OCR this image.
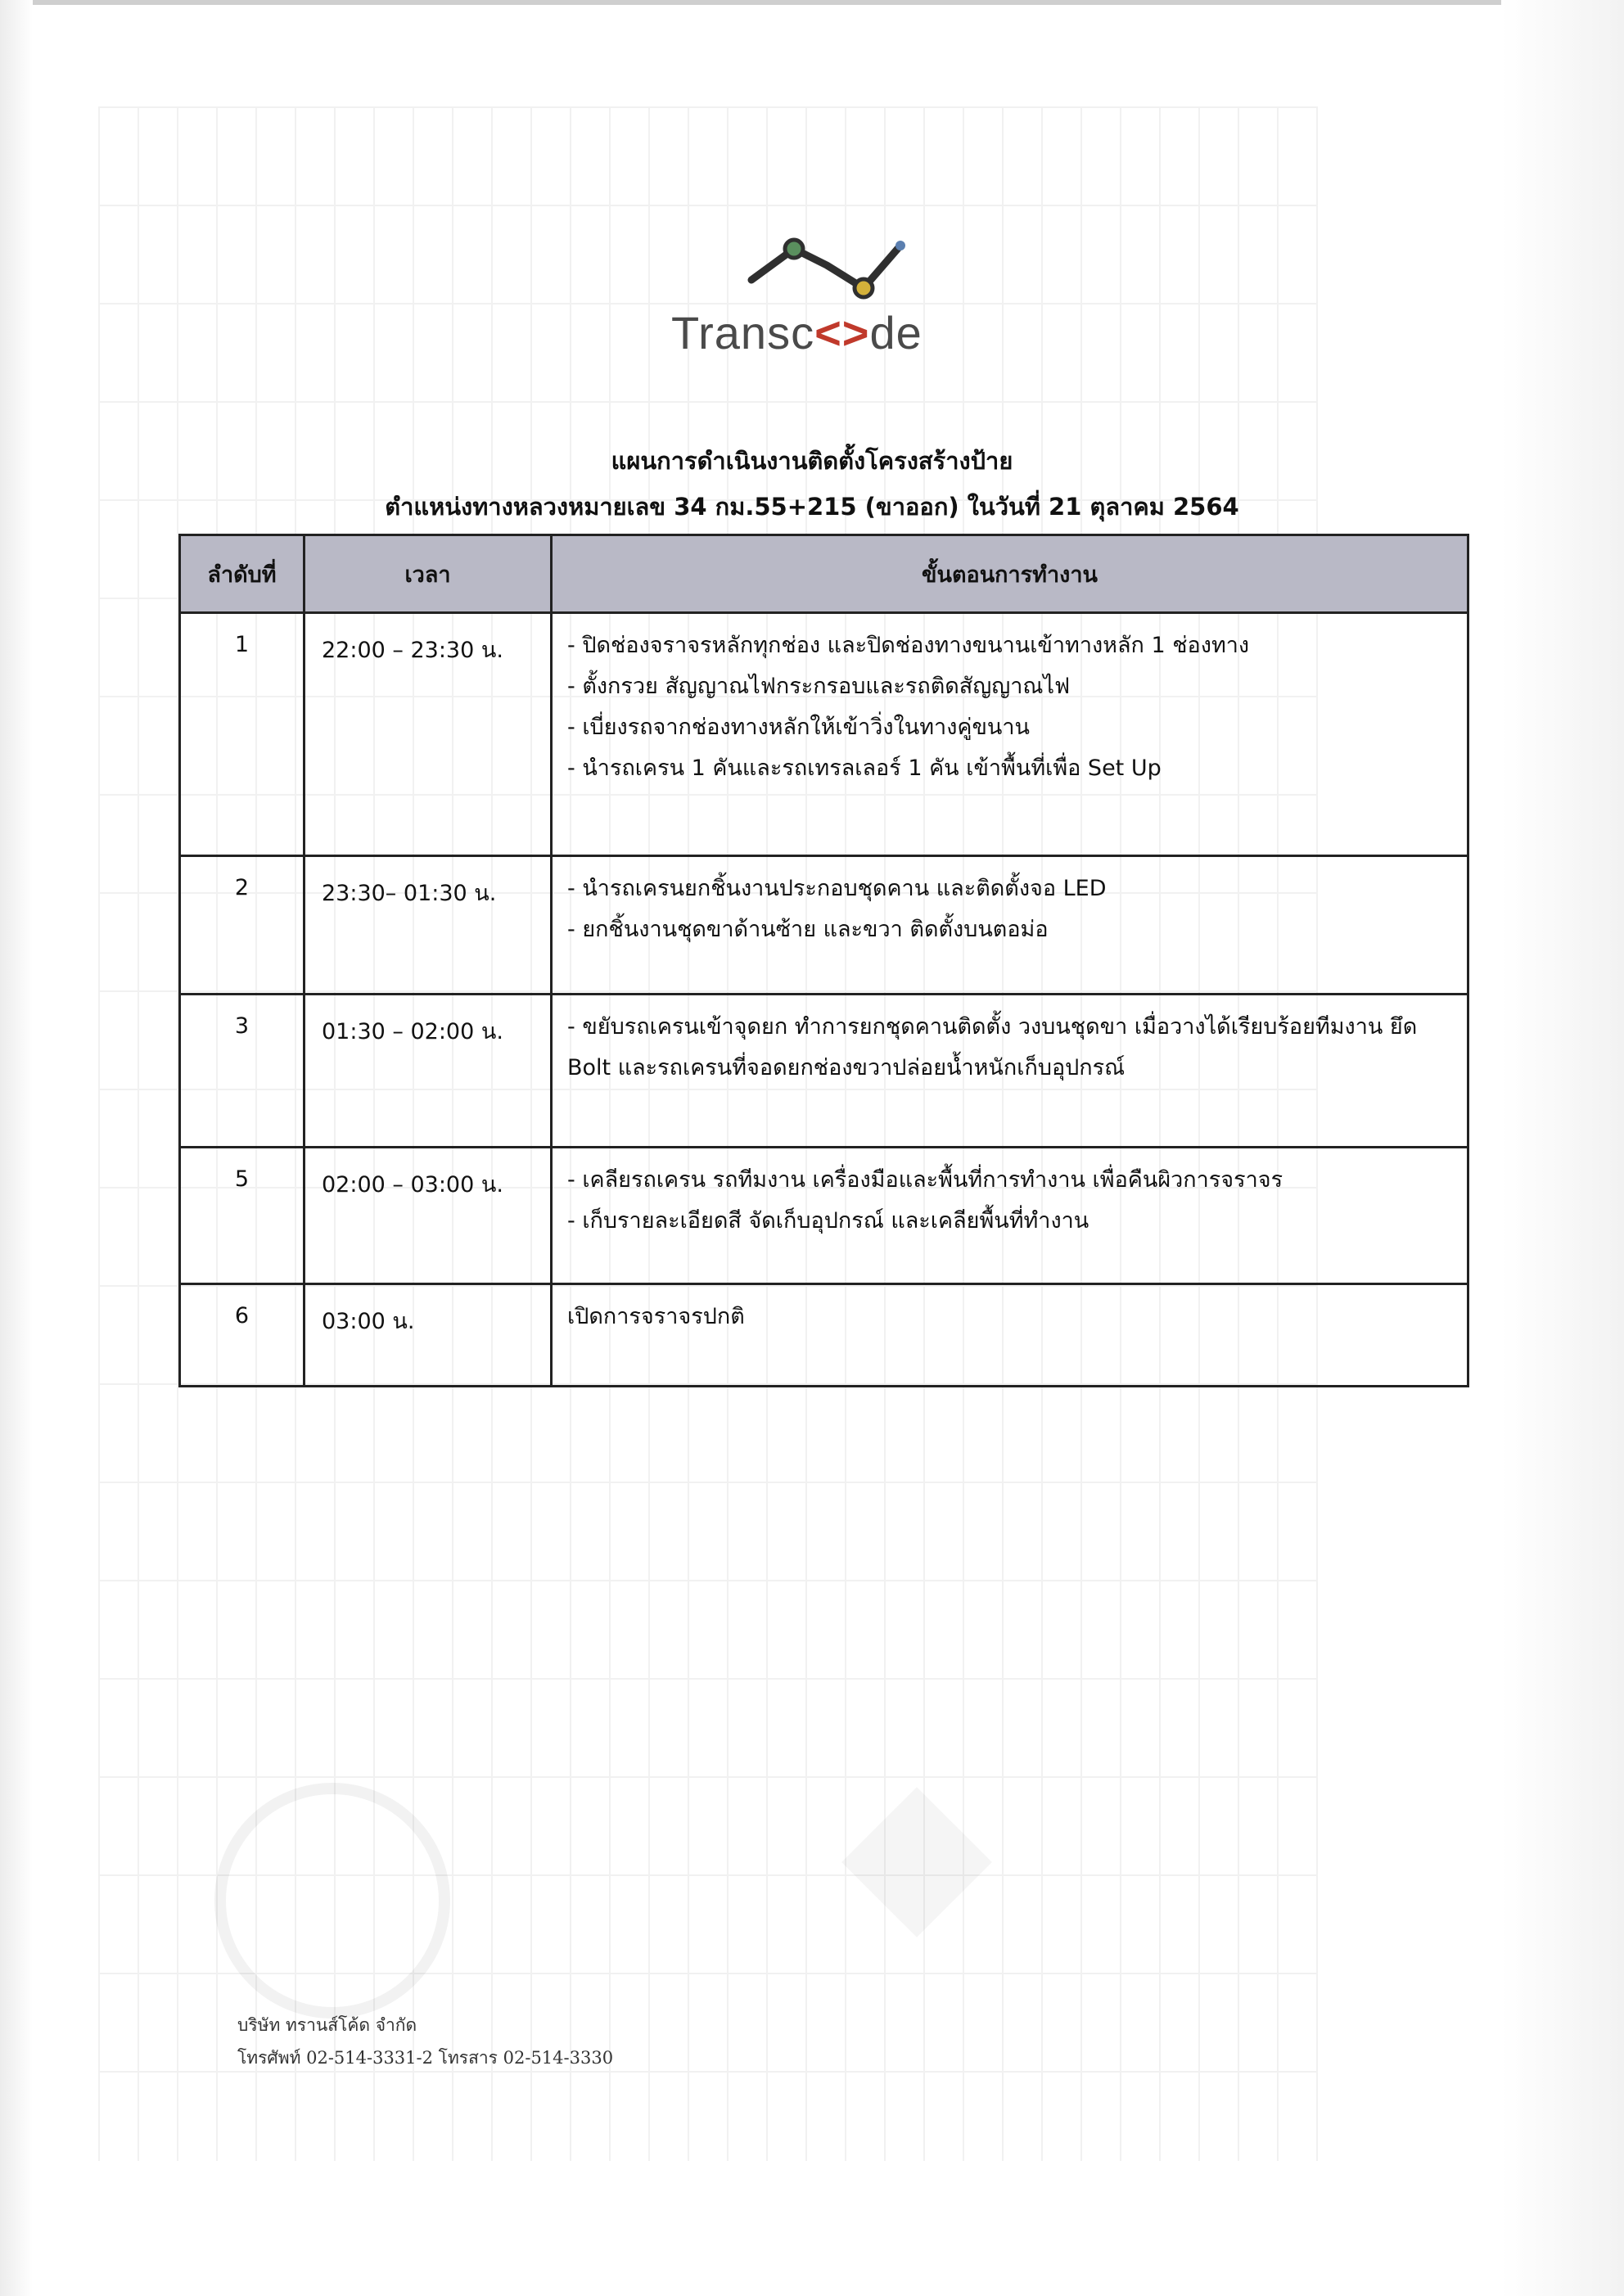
Transc<>de
แผนการดำเนินงานติดตั้งโครงสร้างป้าย
ตำแหน่งทางหลวงหมายเลข 34 กม.55+215 (ขาออก) ในวันที่ 21 ตุลาคม 2564
ลำดับที่	เวลา	ขั้นตอนการทำงาน
1	22:00 – 23:30 น.	- ปิดช่องจราจรหลักทุกช่อง และปิดช่องทางขนานเข้าทางหลัก 1 ช่องทาง
- ตั้งกรวย สัญญาณไฟกระกรอบและรถติดสัญญาณไฟ
- เบี่ยงรถจากช่องทางหลักให้เข้าวิ่งในทางคู่ขนาน
- นำรถเครน 1 คันและรถเทรลเลอร์ 1 คัน เข้าพื้นที่เพื่อ Set Up

2	23:30– 01:30 น.	- นำรถเครนยกชิ้นงานประกอบชุดคาน และติดตั้งจอ LED
- ยกชิ้นงานชุดขาด้านซ้าย และขวา ติดตั้งบนตอม่อ

3	01:30 – 02:00 น.	- ขยับรถเครนเข้าจุดยก ทำการยกชุดคานติดตั้ง วงบนชุดขา เมื่อวางได้เรียบร้อยทีมงาน ยึด Bolt และรถเครนที่จอดยกช่องขวาปล่อยน้ำหนักเก็บอุปกรณ์

5	02:00 – 03:00 น.	- เคลียรถเครน รถทีมงาน เครื่องมือและพื้นที่การทำงาน เพื่อคืนผิวการจราจร
- เก็บรายละเอียดสี จัดเก็บอุปกรณ์ และเคลียพื้นที่ทำงาน

6	03:00 น.	เปิดการจราจรปกติ
บริษัท ทรานส์โค้ด จำกัด
โทรศัพท์ 02-514-3331-2 โทรสาร 02-514-3330
